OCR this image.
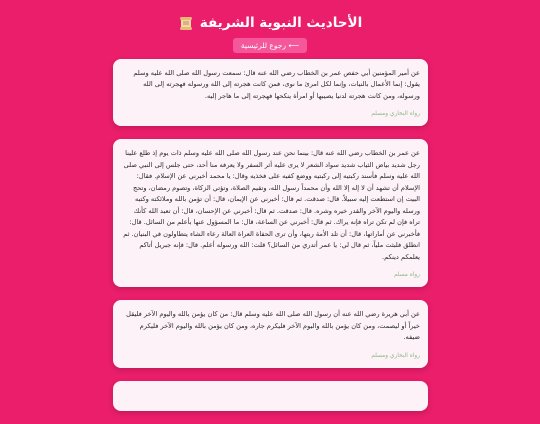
الأحاديث النبوية الشريفة
⟵ رجوع للرئيسية

عن أمير المؤمنين أبي حفص عمر بن الخطاب رضي الله عنه قال: سمعت رسول الله صلى الله عليه وسلم يقول: إنما الأعمال بالنيات، وإنما لكل امرئ ما نوى، فمن كانت هجرته إلى الله ورسوله فهجرته إلى الله ورسوله، ومن كانت هجرته لدنيا يصيبها أو امرأة ينكحها فهجرته إلى ما هاجر إليه.

رواه البخاري ومسلم

عن عمر بن الخطاب رضي الله عنه قال: بينما نحن عند رسول الله صلى الله عليه وسلم ذات يوم إذ طلع علينا رجل شديد بياض الثياب شديد سواد الشعر لا يرى عليه أثر السفر ولا يعرفه منا أحد، حتى جلس إلى النبي صلى الله عليه وسلم فأسند ركبتيه إلى ركبتيه ووضع كفيه على فخذيه وقال: يا محمد أخبرني عن الإسلام. فقال: الإسلام أن تشهد أن لا إله إلا الله وأن محمداً رسول الله، وتقيم الصلاة، وتؤتي الزكاة، وتصوم رمضان، وتحج البيت إن استطعت إليه سبيلاً. قال: صدقت. ثم قال: أخبرني عن الإيمان، قال: أن تؤمن بالله وملائكته وكتبه ورسله واليوم الآخر والقدر خيره وشره. قال: صدقت. ثم قال: أخبرني عن الإحسان، قال: أن تعبد الله كأنك تراه فإن لم تكن تراه فإنه يراك. ثم قال: أخبرني عن الساعة، قال: ما المسؤول عنها بأعلم من السائل. قال: فأخبرني عن أماراتها، قال: أن تلد الأمة ربتها، وأن ترى الحفاة العراة العالة رعاء الشاء يتطاولون في البنيان. ثم انطلق فلبثت ملياً، ثم قال لي: يا عمر أتدري من السائل؟ قلت: الله ورسوله أعلم. قال: فإنه جبريل أتاكم يعلمكم دينكم.

رواه مسلم

عن أبي هريرة رضي الله عنه أن رسول الله صلى الله عليه وسلم قال: من كان يؤمن بالله واليوم الآخر فليقل خيراً أو ليصمت، ومن كان يؤمن بالله واليوم الآخر فليكرم جاره، ومن كان يؤمن بالله واليوم الآخر فليكرم ضيفه.

رواه البخاري ومسلم
